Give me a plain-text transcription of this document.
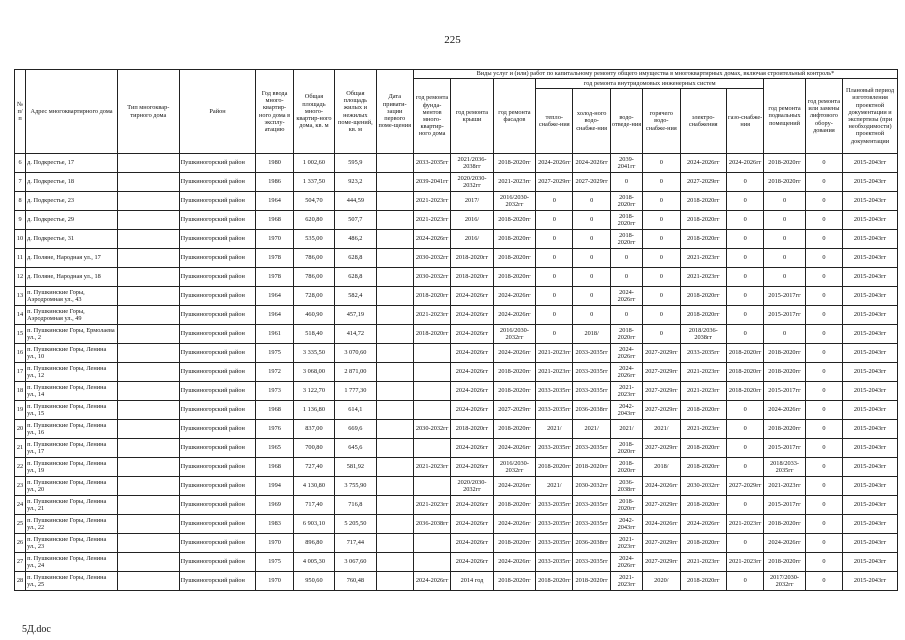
225
№ п/п	Адрес многоквартирного дома	Тип многоквар-тирного дома	Район	Год ввода много-квартир-ного дома в эксплу-атацию	Общая площадь много-квартир-ного дома, кв. м	Общая площадь жилых и нежилых поме-щений, кв. м	Дата привати-зации первого поме-щения	Виды услуг и (или) работ по капитальному ремонту общего имущества в многоквартирных домах, включая строительный контроль*											
								год ремонта фунда-ментов много-квартир-ного дома	год ремонта крыши	год ремонта фасадов	год ремонта внутридомовых инженерных систем						год ремонта подвальных помещений	год ремонта или замены лифтового обору-дования	Плановый период изготовления проектной документации и экспертизы (при необходимости) проектной документации
											тепло-снабже-ния	холод-ного водо-снабже-ния	водо-отведе-ния	горячего водо-снабже-ния	электро-снабжения	газо-снабже-ния			
6	д. Подкрестье, 17		Пушкиногорский район	1980	1 002,60	595,9		2033-2035гг	2021/2036-2038гг	2018-2020гг	2024-2026гг	2024-2026гг	2039-2041гг	0	2024-2026гг	2024-2026гг	2018-2020гг	0	2015-2043гг
7	д. Подкрестье, 18		Пушкиногорский район	1986	1 337,50	923,2		2039-2041гг	2020/2030-2032гг	2021-2023гг	2027-2029гг	2027-2029гг	0	0	2027-2029гг	0	2018-2020гг	0	2015-2043гг
8	д. Подкрестье, 23		Пушкиногорский район	1964	504,70	444,59		2021-2023гг	2017/	2016/2030-2032гг	0	0	2018-2020гг	0	2018-2020гг	0	0	0	2015-2043гг
9	д. Подкрестье, 29		Пушкиногорский район	1968	620,80	507,7		2021-2023гг	2016/	2018-2020гг	0	0	2018-2020гг	0	2018-2020гг	0	0	0	2015-2043гг
10	д. Подкрестье, 31		Пушкиногорский район	1970	535,00	486,2		2024-2026гг	2016/	2018-2020гг	0	0	2018-2020гг	0	2018-2020гг	0	0	0	2015-2043гг
11	д. Поляне, Народная ул., 17		Пушкиногорский район	1978	786,00	628,8		2030-2032гг	2018-2020гг	2018-2020гг	0	0	0	0	2021-2023гг	0	0	0	2015-2043гг
12	д. Поляне, Народная ул., 18		Пушкиногорский район	1978	786,00	628,8		2030-2032гг	2018-2020гг	2018-2020гг	0	0	0	0	2021-2023гг	0	0	0	2015-2043гг
13	п. Пушкинские Горы, Аэродромная ул., 43		Пушкиногорский район	1964	728,00	582,4		2018-2020гг	2024-2026гг	2024-2026гг	0	0	2024-2026гг	0	2018-2020гг	0	2015-2017гг	0	2015-2043гг
14	п. Пушкинские Горы, Аэродромная ул., 49		Пушкиногорский район	1964	460,90	457,19		2021-2023гг	2024-2026гг	2024-2026гг	0	0	0	0	2018-2020гг	0	2015-2017гг	0	2015-2043гг
15	п. Пушкинские Горы, Ермолаева ул., 2		Пушкиногорский район	1961	518,40	414,72		2018-2020гг	2024-2026гг	2016/2030-2032гг	0	2018/	2018-2020гг	0	2018/2036-2038гг	0	0	0	2015-2043гг
16	п. Пушкинские Горы, Ленина ул., 10		Пушкиногорский район	1975	3 335,50	3 070,60			2024-2026гг	2024-2026гг	2021-2023гг	2033-2035гг	2024-2026гг	2027-2029гг	2033-2035гг	2018-2020гг	2018-2020гг	0	2015-2043гг
17	п. Пушкинские Горы, Ленина ул., 12		Пушкиногорский район	1972	3 068,00	2 871,00			2024-2026гг	2018-2020гг	2021-2023гг	2033-2035гг	2024-2026гг	2027-2029гг	2021-2023гг	2018-2020гг	2018-2020гг	0	2015-2043гг
18	п. Пушкинские Горы, Ленина ул., 14		Пушкиногорский район	1973	3 122,70	1 777,30			2024-2026гг	2018-2020гг	2033-2035гг	2033-2035гг	2021-2023гг	2027-2029гг	2021-2023гг	2018-2020гг	2015-2017гг	0	2015-2043гг
19	п. Пушкинские Горы, Ленина ул., 15		Пушкиногорский район	1968	1 136,80	614,1			2024-2026гг	2027-2029гг	2033-2035гг	2036-2038гг	2042-2043гг	2027-2029гг	2018-2020гг	0	2024-2026гг	0	2015-2043гг
20	п. Пушкинские Горы, Ленина ул., 16		Пушкиногорский район	1976	837,00	669,6		2030-2032гг	2018-2020гг	2018-2020гг	2021/	2021/	2021/	2021/	2021-2023гг	0	2018-2020гг	0	2015-2043гг
21	п. Пушкинские Горы, Ленина ул., 17		Пушкиногорский район	1965	700,80	645,6			2024-2026гг	2024-2026гг	2033-2035гг	2033-2035гг	2018-2020гг	2027-2029гг	2018-2020гг	0	2015-2017гг	0	2015-2043гг
22	п. Пушкинские Горы, Ленина ул., 19		Пушкиногорский район	1968	727,40	581,92		2021-2023гг	2024-2026гг	2016/2030-2032гг	2018-2020гг	2018-2020гг	2018-2020гг	2018/	2018-2020гг	0	2018/2033-2035гг	0	2015-2043гг
23	п. Пушкинские Горы, Ленина ул., 20		Пушкиногорский район	1994	4 130,80	3 755,90			2020/2030-2032гг	2024-2026гг	2021/	2030-2032гг	2036-2038гг	2024-2026гг	2030-2032гг	2027-2029гг	2021-2023гг	0	2015-2043гг
24	п. Пушкинские Горы, Ленина ул., 21		Пушкиногорский район	1969	717,40	716,8		2021-2023гг	2024-2026гг	2018-2020гг	2033-2035гг	2033-2035гг	2018-2020гг	2027-2029гг	2018-2020гг	0	2015-2017гг	0	2015-2043гг
25	п. Пушкинские Горы, Ленина ул., 22		Пушкиногорский район	1983	6 903,10	5 205,50		2036-2038гг	2024-2026гг	2024-2026гг	2033-2035гг	2033-2035гг	2042-2043гг	2024-2026гг	2024-2026гг	2021-2023гг	2018-2020гг	0	2015-2043гг
26	п. Пушкинские Горы, Ленина ул., 23		Пушкиногорский район	1970	896,80	717,44			2024-2026гг	2018-2020гг	2033-2035гг	2036-2038гг	2021-2023гг	2027-2029гг	2018-2020гг	0	2024-2026гг	0	2015-2043гг
27	п. Пушкинские Горы, Ленина ул., 24		Пушкиногорский район	1975	4 005,30	3 067,60			2024-2026гг	2024-2026гг	2033-2035гг	2033-2035гг	2024-2026гг	2027-2029гг	2021-2023гг	2021-2023гг	2018-2020гг	0	2015-2043гг
28	п. Пушкинские Горы, Ленина ул., 25		Пушкиногорский район	1970	950,60	760,48		2024-2026гг	2014 год	2018-2020гг	2018-2020гг	2018-2020гг	2021-2023гг	2020/	2018-2020гг	0	2017/2030-2032гг	0	2015-2043гг
5Д.doc
